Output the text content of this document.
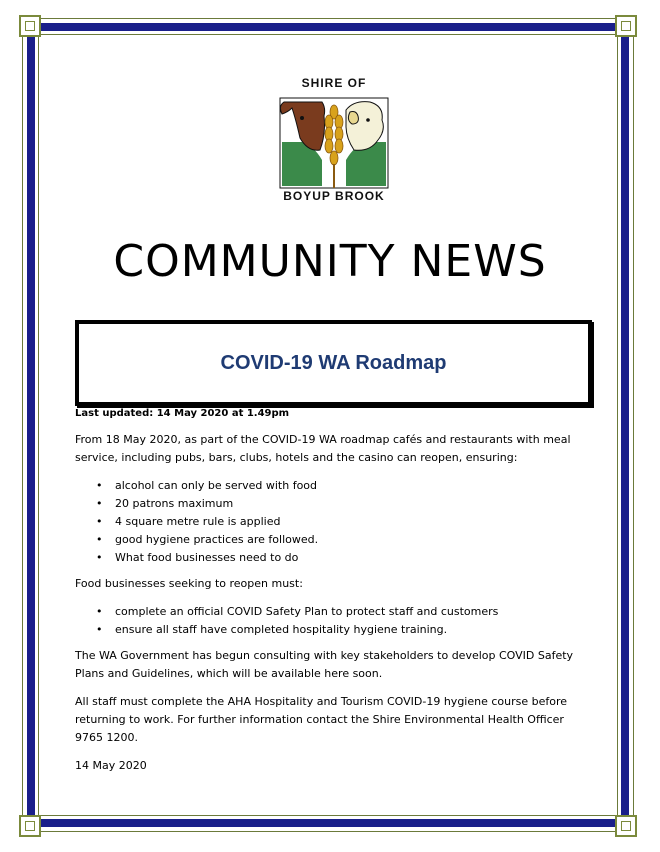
SHIRE OF
BOYUP BROOK
COMMUNITY NEWS
COVID-19 WA Roadmap

Last updated: 14 May 2020 at 1.49pm

From 18 May 2020, as part of the COVID-19 WA roadmap cafés and restaurants with meal service, including pubs, bars, clubs, hotels and the casino can reopen, ensuring:

• alcohol can only be served with food
• 20 patrons maximum
• 4 square metre rule is applied
• good hygiene practices are followed.
• What food businesses need to do

Food businesses seeking to reopen must:

• complete an official COVID Safety Plan to protect staff and customers
• ensure all staff have completed hospitality hygiene training.

The WA Government has begun consulting with key stakeholders to develop COVID Safety Plans and Guidelines, which will be available here soon.

All staff must complete the AHA Hospitality and Tourism COVID-19 hygiene course before returning to work. For further information contact the Shire Environmental Health Officer 9765 1200.

14 May 2020
